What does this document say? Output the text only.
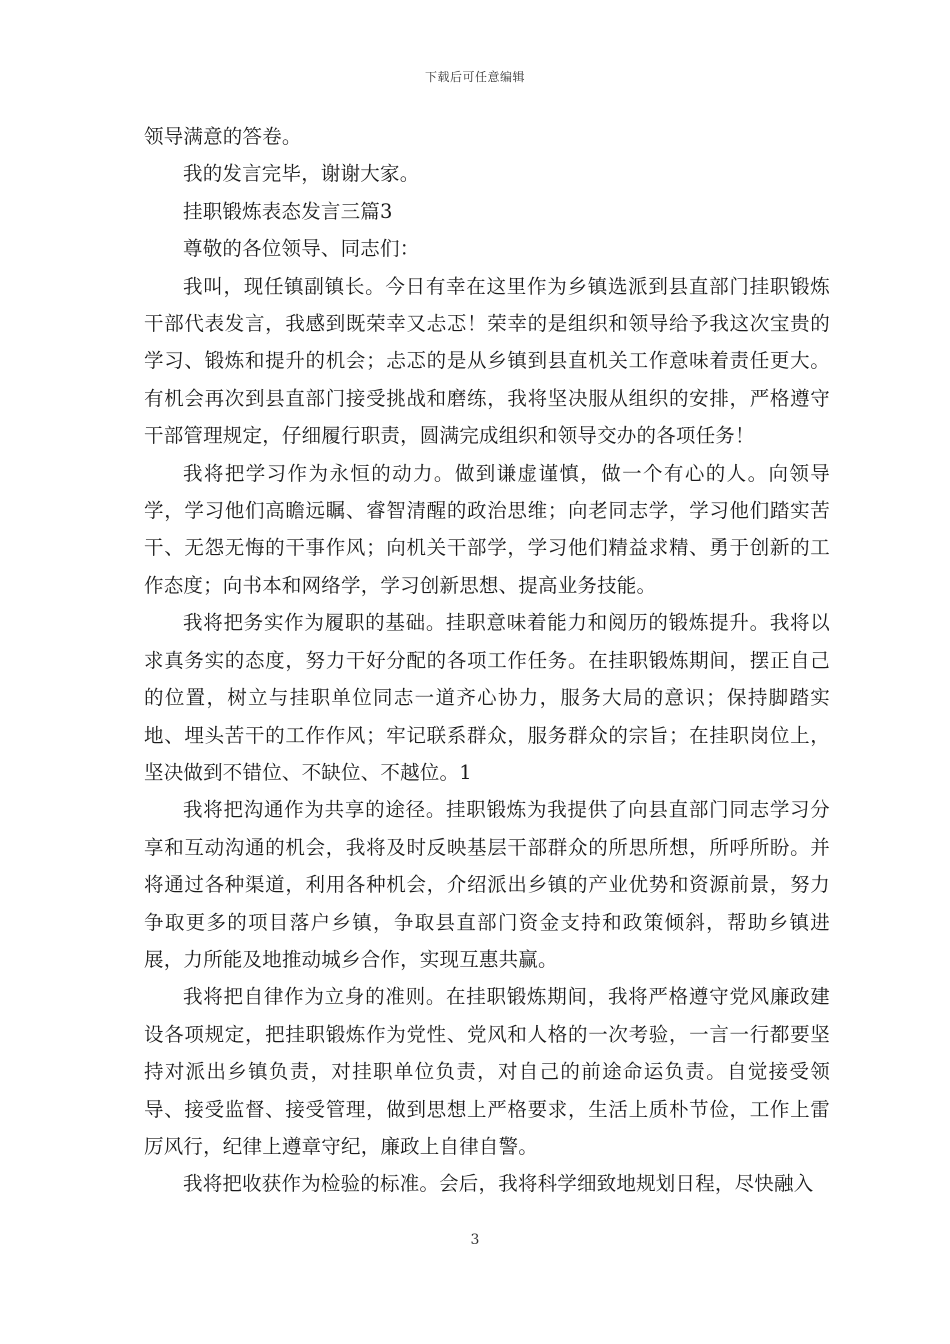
下载后可任意编辑

领导满意的答卷。

我的发言完毕，谢谢大家。

挂职锻炼表态发言三篇3

尊敬的各位领导、同志们：

我叫，现任镇副镇长。今日有幸在这里作为乡镇选派到县直部门挂职锻炼干部代表发言，我感到既荣幸又忐忑！荣幸的是组织和领导给予我这次宝贵的学习、锻炼和提升的机会；忐忑的是从乡镇到县直机关工作意味着责任更大。有机会再次到县直部门接受挑战和磨练，我将坚决服从组织的安排，严格遵守干部管理规定，仔细履行职责，圆满完成组织和领导交办的各项任务！

我将把学习作为永恒的动力。做到谦虚谨慎，做一个有心的人。向领导学，学习他们高瞻远瞩、睿智清醒的政治思维；向老同志学，学习他们踏实苦干、无怨无悔的干事作风；向机关干部学，学习他们精益求精、勇于创新的工作态度；向书本和网络学，学习创新思想、提高业务技能。

我将把务实作为履职的基础。挂职意味着能力和阅历的锻炼提升。我将以求真务实的态度，努力干好分配的各项工作任务。在挂职锻炼期间，摆正自己的位置，树立与挂职单位同志一道齐心协力，服务大局的意识；保持脚踏实地、埋头苦干的工作作风；牢记联系群众，服务群众的宗旨；在挂职岗位上，坚决做到不错位、不缺位、不越位。1

我将把沟通作为共享的途径。挂职锻炼为我提供了向县直部门同志学习分享和互动沟通的机会，我将及时反映基层干部群众的所思所想，所呼所盼。并将通过各种渠道，利用各种机会，介绍派出乡镇的产业优势和资源前景，努力争取更多的项目落户乡镇，争取县直部门资金支持和政策倾斜，帮助乡镇进展，力所能及地推动城乡合作，实现互惠共赢。

我将把自律作为立身的准则。在挂职锻炼期间，我将严格遵守党风廉政建设各项规定，把挂职锻炼作为党性、党风和人格的一次考验，一言一行都要坚持对派出乡镇负责，对挂职单位负责，对自己的前途命运负责。自觉接受领导、接受监督、接受管理，做到思想上严格要求，生活上质朴节俭，工作上雷厉风行，纪律上遵章守纪，廉政上自律自警。

我将把收获作为检验的标准。会后，我将科学细致地规划日程，尽快融入

3
